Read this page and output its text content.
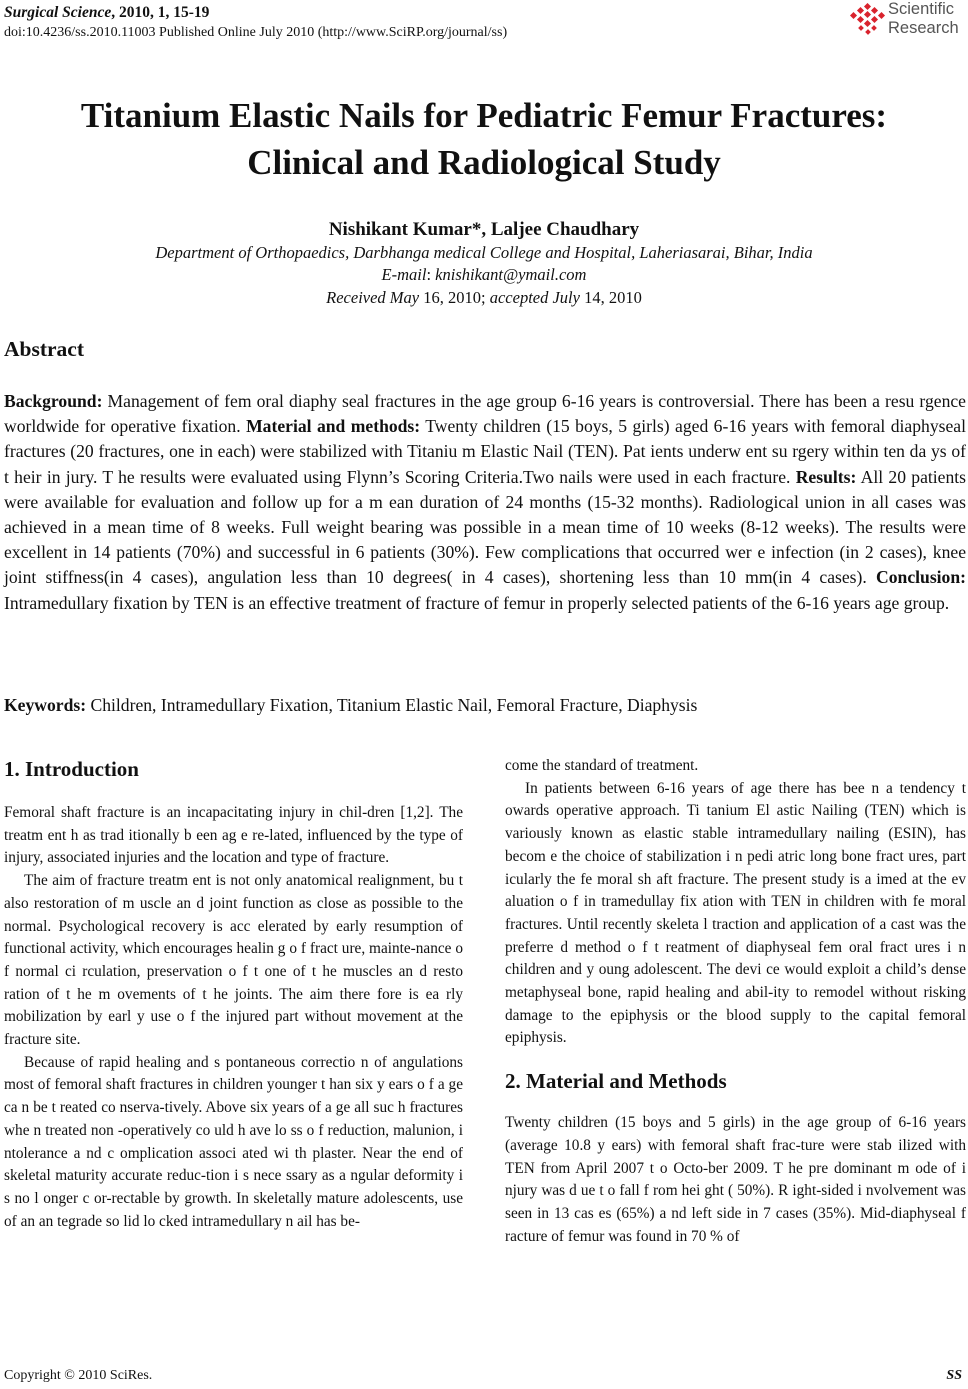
Surgical Science, 2010, 1, 15-19
doi:10.4236/ss.2010.11003 Published Online July 2010 (http://www.SciRP.org/journal/ss)
Scientific
Research
Titanium Elastic Nails for Pediatric Femur Fractures:
Clinical and Radiological Study
Nishikant Kumar*, Laljee Chaudhary
Department of Orthopaedics, Darbhanga medical College and Hospital, Laheriasarai, Bihar, India
E-mail: knishikant@ymail.com
Received May 16, 2010; accepted July 14, 2010
Abstract
Background: Management of fem oral diaphy seal fractures in the age group 6-16 years is controversial. There has been a resu rgence worldwide for operative fixation. Material and methods: Twenty children (15 boys, 5 girls) aged 6-16 years with femoral diaphyseal fractures (20 fractures, one in each) were stabilized with Titaniu m Elastic Nail (TEN). Pat ients underw ent su rgery within ten da ys of t heir in jury. T he results were evaluated using Flynn’s Scoring Criteria.Two nails were used in each fracture. Results: All 20 patients were available for evaluation and follow up for a m ean duration of 24 months (15-32 months). Radiological union in all cases was achieved in a mean time of 8 weeks. Full weight bearing was possible in a mean time of 10 weeks (8-12 weeks). The results were excellent in 14 patients (70%) and successful in 6 patients (30%). Few complications that occurred wer e infection (in 2 cases), knee joint stiffness(in 4 cases), angulation less than 10 degrees( in 4 cases), shortening less than 10 mm(in 4 cases). Conclusion: Intramedullary fixation by TEN is an effective treatment of fracture of femur in properly selected patients of the 6-16 years age group.
Keywords: Children, Intramedullary Fixation, Titanium Elastic Nail, Femoral Fracture, Diaphysis
1. Introduction

Femoral shaft fracture is an incapacitating injury in chil-dren [1,2]. The treatm ent h as trad itionally b een ag e re-lated, influenced by the type of injury, associated injuries and the location and type of fracture.

The aim of fracture treatm ent is not only anatomical realignment, bu t also restoration of m uscle an d joint function as close as possible to the normal. Psychological recovery is acc elerated by early resumption of functional activity, which encourages healin g o f fract ure, mainte-nance o f normal ci rculation, preservation o f t one of t he muscles an d resto ration of t he m ovements of t he joints. The aim there fore is ea rly mobilization by earl y use o f the injured part without movement at the fracture site.

Because of rapid healing and s pontaneous correctio n of angulations most of femoral shaft fractures in children younger t han six y ears o f a ge ca n be t reated co nserva-tively. Above six years of a ge all suc h fractures whe n treated non -operatively co uld h ave lo ss o f reduction, malunion, i ntolerance a nd c omplication associ ated wi th plaster. Near the end of skeletal maturity accurate reduc-tion i s nece ssary as a ngular deformity i s no l onger c or-rectable by growth. In skeletally mature adolescents, use of an an tegrade so lid lo cked intramedullary n ail has be-

come the standard of treatment.

In patients between 6-16 years of age there has bee n a tendency t owards operative approach. Ti tanium El astic Nailing (TEN) which is variously known as elastic stable intramedullary nailing (ESIN), has becom e the choice of stabilization i n pedi atric long bone fract ures, part icularly the fe moral sh aft fracture. The present study is a imed at the ev aluation o f in tramedullay fix ation with TEN in children with fe moral fractures. Until recently skeleta l traction and application of a cast was the preferre d method o f t reatment of diaphyseal fem oral fract ures i n children and y oung adolescent. The devi ce would exploit a child’s dense metaphyseal bone, rapid healing and abil-ity to remodel without risking damage to the epiphysis or the blood supply to the capital femoral epiphysis.

2. Material and Methods

Twenty children (15 boys and 5 girls) in the age group of 6-16 years (average 10.8 y ears) with femoral shaft frac-ture were stab ilized with TEN from April 2007 t o Octo-ber 2009. T he pre dominant m ode of i njury was d ue t o fall f rom hei ght ( 50%). R ight-sided i nvolvement was seen in 13 cas es (65%) a nd left side in 7 cases (35%). Mid-diaphyseal f racture of femur was found in 70 % of

Copyright © 2010 SciRes.	SS
